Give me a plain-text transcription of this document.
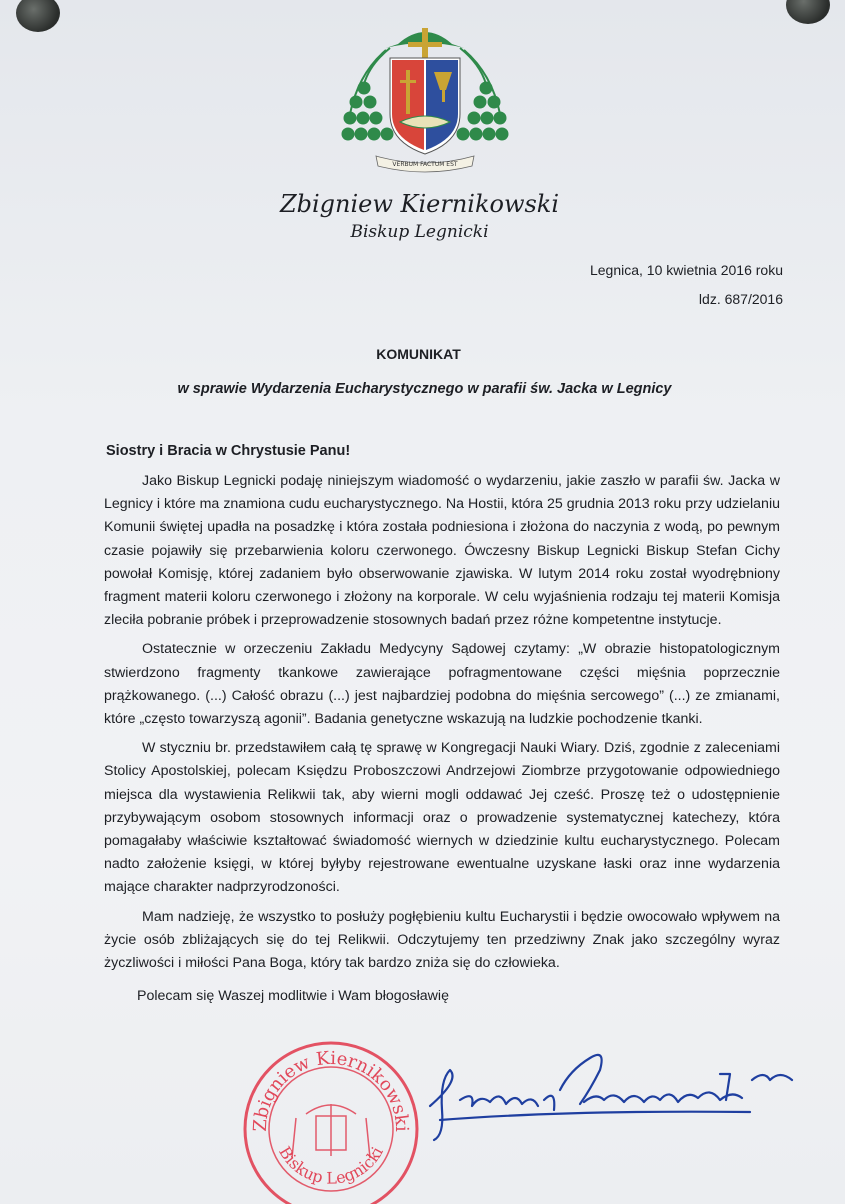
VERBUM FACTUM EST
Zbigniew Kiernikowski
Biskup Legnicki
Legnica, 10 kwietnia 2016 roku
ldz. 687/2016
KOMUNIKAT
w sprawie Wydarzenia Eucharystycznego w parafii św. Jacka w Legnicy
Siostry i Bracia w Chrystusie Panu!

Jako Biskup Legnicki podaję niniejszym wiadomość o wydarzeniu, jakie zaszło w parafii św. Jacka w Legnicy i które ma znamiona cudu eucharystycznego. Na Hostii, która 25 grudnia 2013 roku przy udzielaniu Komunii świętej upadła na posadzkę i która została podniesiona i złożona do naczynia z wodą, po pewnym czasie pojawiły się przebarwienia koloru czerwonego. Ówczesny Biskup Legnicki Biskup Stefan Cichy powołał Komisję, której zadaniem było obserwowanie zjawiska. W lutym 2014 roku został wyodrębniony fragment materii koloru czerwonego i złożony na korporale. W celu wyjaśnienia rodzaju tej materii Komisja zleciła pobranie próbek i przeprowadzenie stosownych badań przez różne kompetentne instytucje.

Ostatecznie w orzeczeniu Zakładu Medycyny Sądowej czytamy: „W obrazie histopatologicznym stwierdzono fragmenty tkankowe zawierające pofragmentowane części mięśnia poprzecznie prążkowanego. (...) Całość obrazu (...) jest najbardziej podobna do mięśnia sercowego” (...) ze zmianami, które „często towarzyszą agonii”. Badania genetyczne wskazują na ludzkie pochodzenie tkanki.

W styczniu br. przedstawiłem całą tę sprawę w Kongregacji Nauki Wiary. Dziś, zgodnie z zaleceniami Stolicy Apostolskiej, polecam Księdzu Proboszczowi Andrzejowi Ziombrze przygotowanie odpowiedniego miejsca dla wystawienia Relikwii tak, aby wierni mogli oddawać Jej cześć. Proszę też o udostępnienie przybywającym osobom stosownych informacji oraz o prowadzenie systematycznej katechezy, która pomagałaby właściwie kształtować świadomość wiernych w dziedzinie kultu eucharystycznego. Polecam nadto założenie księgi, w której byłyby rejestrowane ewentualne uzyskane łaski oraz inne wydarzenia mające charakter nadprzyrodzoności.

Mam nadzieję, że wszystko to posłuży pogłębieniu kultu Eucharystii i będzie owocowało wpływem na życie osób zbliżających się do tej Relikwii. Odczytujemy ten przedziwny Znak jako szczególny wyraz życzliwości i miłości Pana Boga, który tak bardzo zniża się do człowieka.

Polecam się Waszej modlitwie i Wam błogosławię

Zbigniew Kiernikowski
Biskup Legnicki
